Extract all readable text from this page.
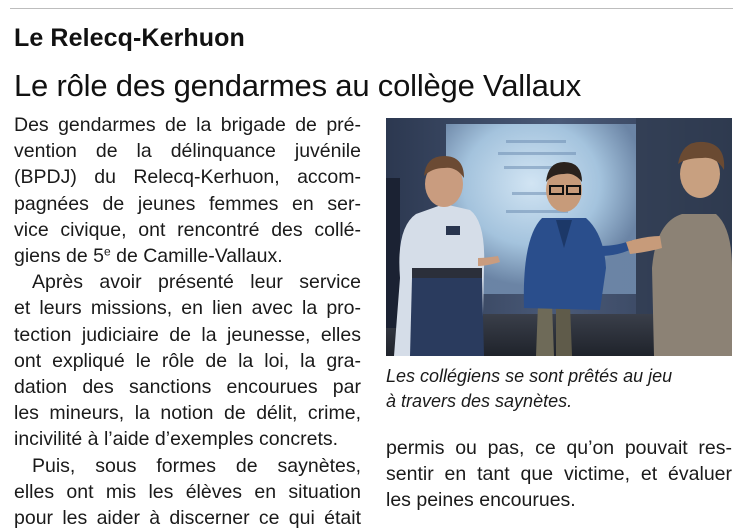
Le Relecq-Kerhuon
Le rôle des gendarmes au collège Vallaux
Des gendarmes de la brigade de pré-
vention de la délinquance juvénile
(BPDJ) du Relecq-Kerhuon, accom-
pagnées de jeunes femmes en ser-
vice civique, ont rencontré des collé-
giens de 5e de Camille-Vallaux.
Après avoir présenté leur service
et leurs missions, en lien avec la pro-
tection judiciaire de la jeunesse, elles
ont expliqué le rôle de la loi, la gra-
dation des sanctions encourues par
les mineurs, la notion de délit, crime,
incivilité à l’aide d’exemples concrets.
Puis, sous formes de saynètes,
elles ont mis les élèves en situation
pour les aider à discerner ce qui était
Les collégiens se sont prêtés au jeu
à travers des saynètes.
permis ou pas, ce qu’on pouvait res-
sentir en tant que victime, et évaluer
les peines encourues.
